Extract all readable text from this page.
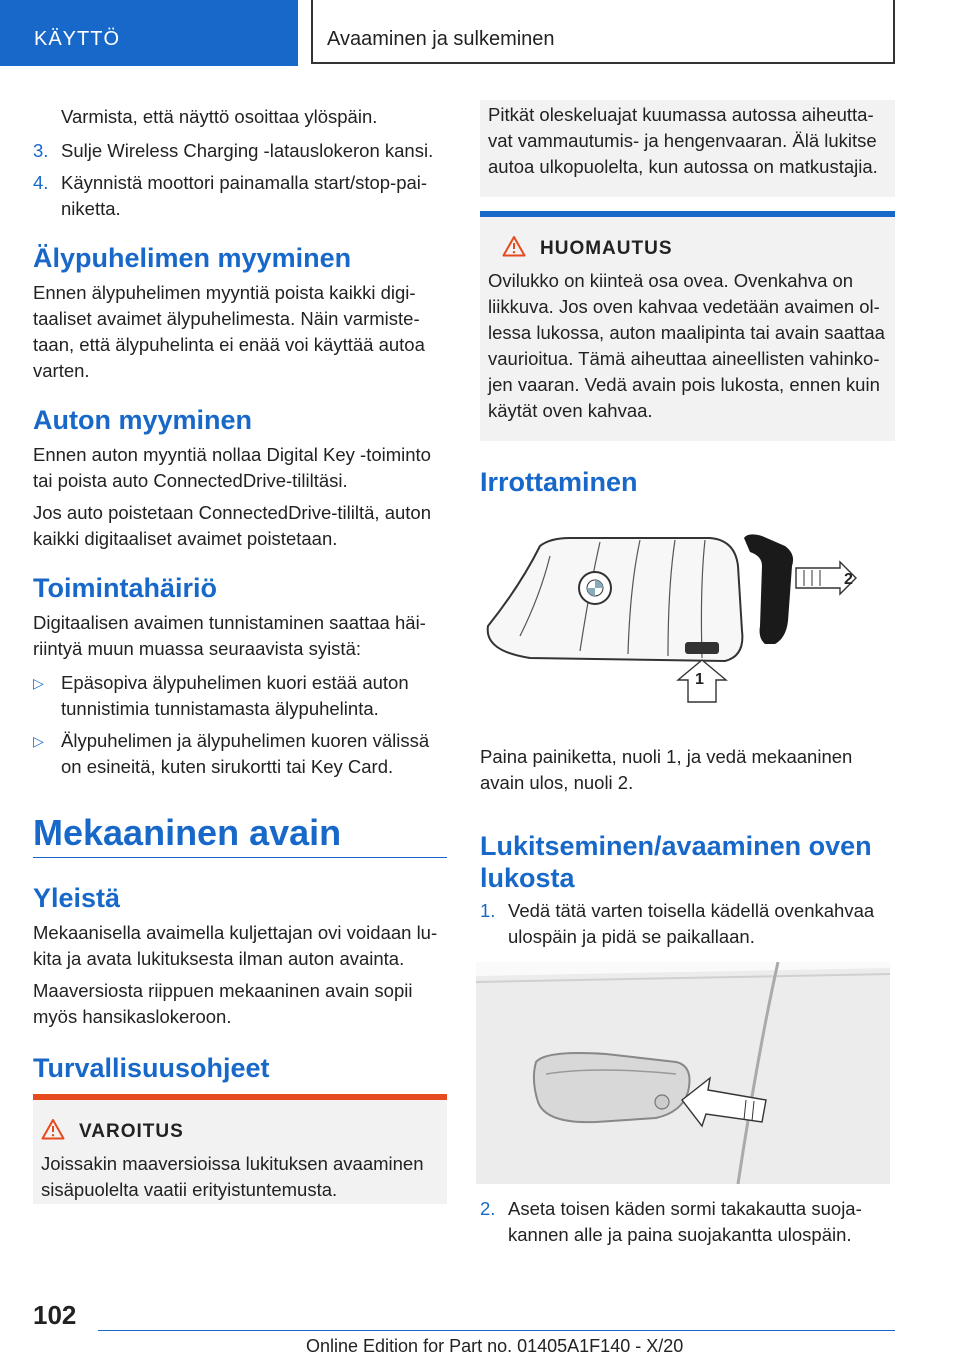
KÄYTTÖ	Avaaminen ja sulkeminen

Varmista, että näyttö osoittaa ylöspäin.

3. Sulje Wireless Charging -latauslokeron kansi.
4. Käynnistä moottori painamalla start/stop-pai-
niketta.
Älypuhelimen myyminen

Ennen älypuhelimen myyntiä poista kaikki digi-
taaliset avaimet älypuhelimesta. Näin varmiste-
taan, että älypuhelinta ei enää voi käyttää autoa
varten.

Auton myyminen

Ennen auton myyntiä nollaa Digital Key -toiminto
tai poista auto ConnectedDrive-tililtäsi.

Jos auto poistetaan ConnectedDrive-tililtä, auton
kaikki digitaaliset avaimet poistetaan.

Toimintahäiriö

Digitaalisen avaimen tunnistaminen saattaa häi-
riintyä muun muassa seuraavista syistä:

▷ Epäsopiva älypuhelimen kuori estää auton
tunnistimia tunnistamasta älypuhelinta.
▷ Älypuhelimen ja älypuhelimen kuoren välissä
on esineitä, kuten sirukortti tai Key Card.
Mekaaninen avain
Yleistä

Mekaanisella avaimella kuljettajan ovi voidaan lu-
kita ja avata lukituksesta ilman auton avainta.

Maaversiosta riippuen mekaaninen avain sopii
myös hansikaslokeroon.

Turvallisuusohjeet
VAROITUS

Joissakin maaversioissa lukituksen avaaminen
sisäpuolelta vaatii erityistuntemusta.

Pitkät oleskeluajat kuumassa autossa aiheutta-
vat vammautumis- ja hengenvaaran. Älä lukitse
autoa ulkopuolelta, kun autossa on matkustajia.

HUOMAUTUS

Ovilukko on kiinteä osa ovea. Ovenkahva on
liikkuva. Jos oven kahvaa vedetään avaimen ol-
lessa lukossa, auton maalipinta tai avain saattaa
vaurioitua. Tämä aiheuttaa aineellisten vahinko-
jen vaaran. Vedä avain pois lukosta, ennen kuin
käytät oven kahvaa.

Irrottaminen
2
1

Paina painiketta, nuoli 1, ja vedä mekaaninen
avain ulos, nuoli 2.

Lukitseminen/avaaminen oven
lukosta
1. Vedä tätä varten toisella kädellä ovenkahvaa
ulospäin ja pidä se paikallaan.
2. Aseta toisen käden sormi takakautta suoja-
kannen alle ja paina suojakantta ulospäin.
102
Online Edition for Part no. 01405A1F140 - X/20
